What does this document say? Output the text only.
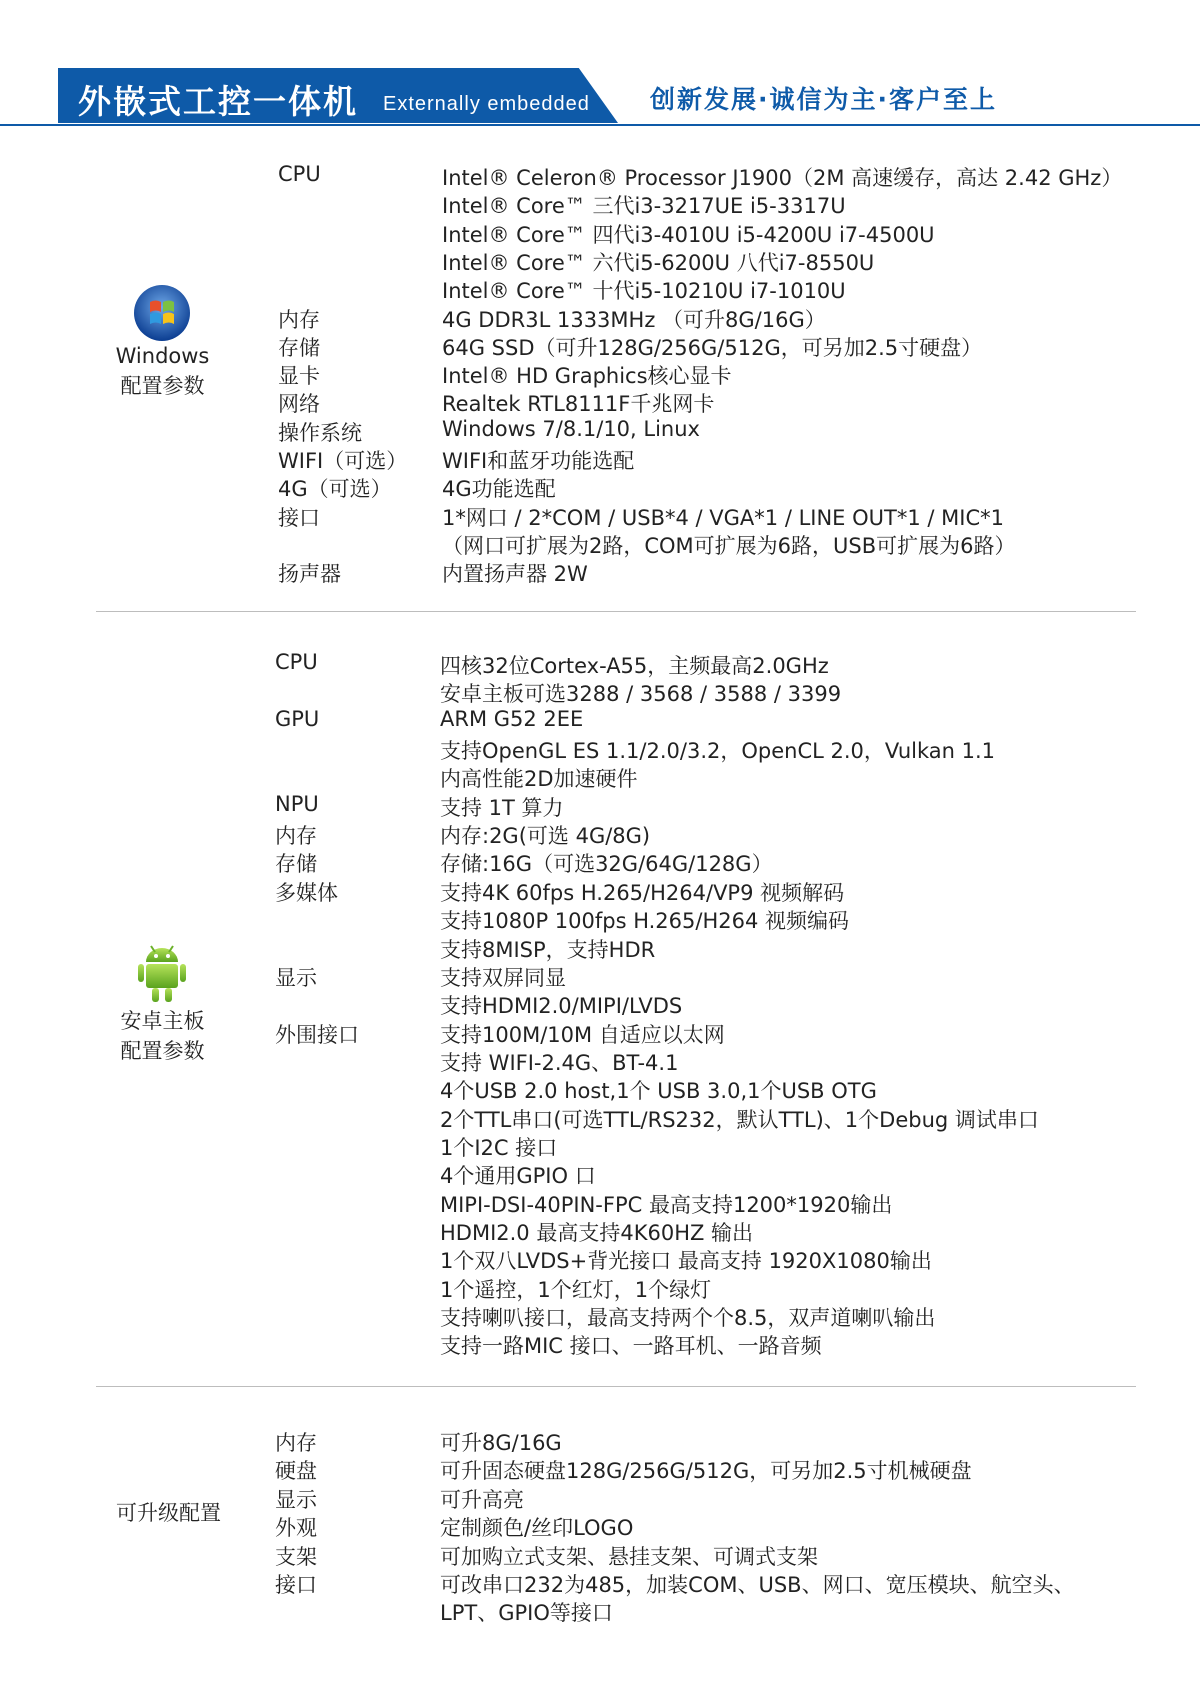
外嵌式工控一体机 Externally embedded 创新发展·诚信为主·客户至上
Windows
配置参数
CPU	Intel® Celeron® Processor J1900（2M 高速缓存，高达 2.42 GHz）
Intel® Core™ 三代i3-3217UE i5-3317U
Intel® Core™ 四代i3-4010U i5-4200U i7-4500U
Intel® Core™ 六代i5-6200U 八代i7-8550U
Intel® Core™ 十代i5-10210U i7-1010U
内存	4G DDR3L 1333MHz （可升8G/16G）
存储	64G SSD（可升128G/256G/512G，可另加2.5寸硬盘）
显卡	Intel® HD Graphics核心显卡
网络	Realtek RTL8111F千兆网卡
操作系统	Windows 7/8.1/10, Linux
WIFI（可选） WIFI和蓝牙功能选配
4G（可选） 4G功能选配
接口	1*网口 / 2*COM / USB*4 / VGA*1 / LINE OUT*1 / MIC*1
（网口可扩展为2路，COM可扩展为6路，USB可扩展为6路）
扬声器	内置扬声器 2W
安卓主板
配置参数
CPU	四核32位Cortex-A55，主频最高2.0GHz
安卓主板可选3288 / 3568 / 3588 / 3399
GPU	ARM G52 2EE
支持OpenGL ES 1.1/2.0/3.2，OpenCL 2.0，Vulkan 1.1
内高性能2D加速硬件
NPU	支持 1T 算力
内存	内存:2G(可选 4G/8G)
存储	存储:16G（可选32G/64G/128G）
多媒体	支持4K 60fps H.265/H264/VP9 视频解码
支持1080P 100fps H.265/H264 视频编码
支持8MISP，支持HDR
显示	支持双屏同显
支持HDMI2.0/MIPI/LVDS
外围接口	支持100M/10M 自适应以太网
支持 WIFI-2.4G、BT-4.1
4个USB 2.0 host,1个 USB 3.0,1个USB OTG
2个TTL串口(可选TTL/RS232，默认TTL)、1个Debug 调试串口
1个I2C 接口
4个通用GPIO 口
MIPI-DSI-40PIN-FPC 最高支持1200*1920输出
HDMI2.0 最高支持4K60HZ 输出
1个双八LVDS+背光接口 最高支持 1920X1080输出
1个遥控，1个红灯，1个绿灯
支持喇叭接口，最高支持两个个8.5，双声道喇叭输出
支持一路MIC 接口、一路耳机、一路音频
可升级配置
内存	可升8G/16G
硬盘	可升固态硬盘128G/256G/512G，可另加2.5寸机械硬盘
显示	可升高亮
外观	定制颜色/丝印LOGO
支架	可加购立式支架、悬挂支架、可调式支架
接口	可改串口232为485，加装COM、USB、网口、宽压模块、航空头、
LPT、GPIO等接口
